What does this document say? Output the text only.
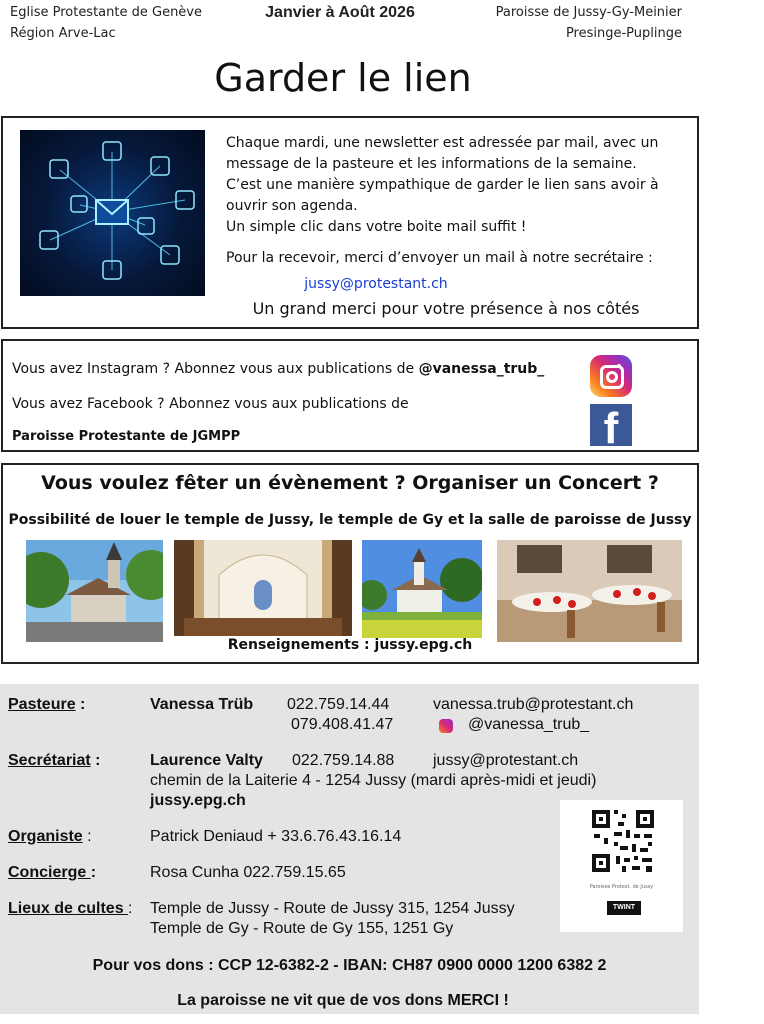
Eglise Protestante de Genève
Région Arve-Lac
Janvier à Août 2026	Paroisse de Jussy-Gy-Meinier
Presinge-Puplinge
Garder le lien

Chaque mardi, une newsletter est adressée par mail, avec un

message de la pasteure et les informations de la semaine.

C’est une manière sympathique de garder le lien sans avoir à

ouvrir son agenda.

Un simple clic dans votre boite mail suffit !

Pour la recevoir, merci d’envoyer un mail à notre secrétaire :

jussy@protestant.ch
Un grand merci pour votre présence à nos côtés
Vous avez Instagram ? Abonnez vous aux publications de @vanessa_trub_
Vous avez Facebook ? Abonnez vous aux publications de
Paroisse Protestante de JGMPP	f
Vous voulez fêter un évènement ? Organiser un Concert ?
Possibilité de louer le temple de Jussy, le temple de Gy et la salle de paroisse de Jussy
Renseignements : jussy.epg.ch
Pasteure :	Vanessa Trüb 022.759.14.44	vanessa.trub@protestant.ch
079.408.41.47	@vanessa_trub_
Secrétariat :	Laurence Valty 022.759.14.88 jussy@protestant.ch
chemin de la Laiterie 4 - 1254 Jussy (mardi après-midi et jeudi)
jussy.epg.ch
Organiste :	Patrick Deniaud + 33.6.76.43.16.14
Concierge :	Rosa Cunha 022.759.15.65
Lieux de cultes : Temple de Jussy - Route de Jussy 315, 1254 Jussy
Temple de Gy - Route de Gy 155, 1251 Gy
Paroisse Protest. de Jussy
TWINT
Pour vos dons : CCP 12-6382-2 - IBAN: CH87 0900 0000 1200 6382 2
La paroisse ne vit que de vos dons MERCI !
